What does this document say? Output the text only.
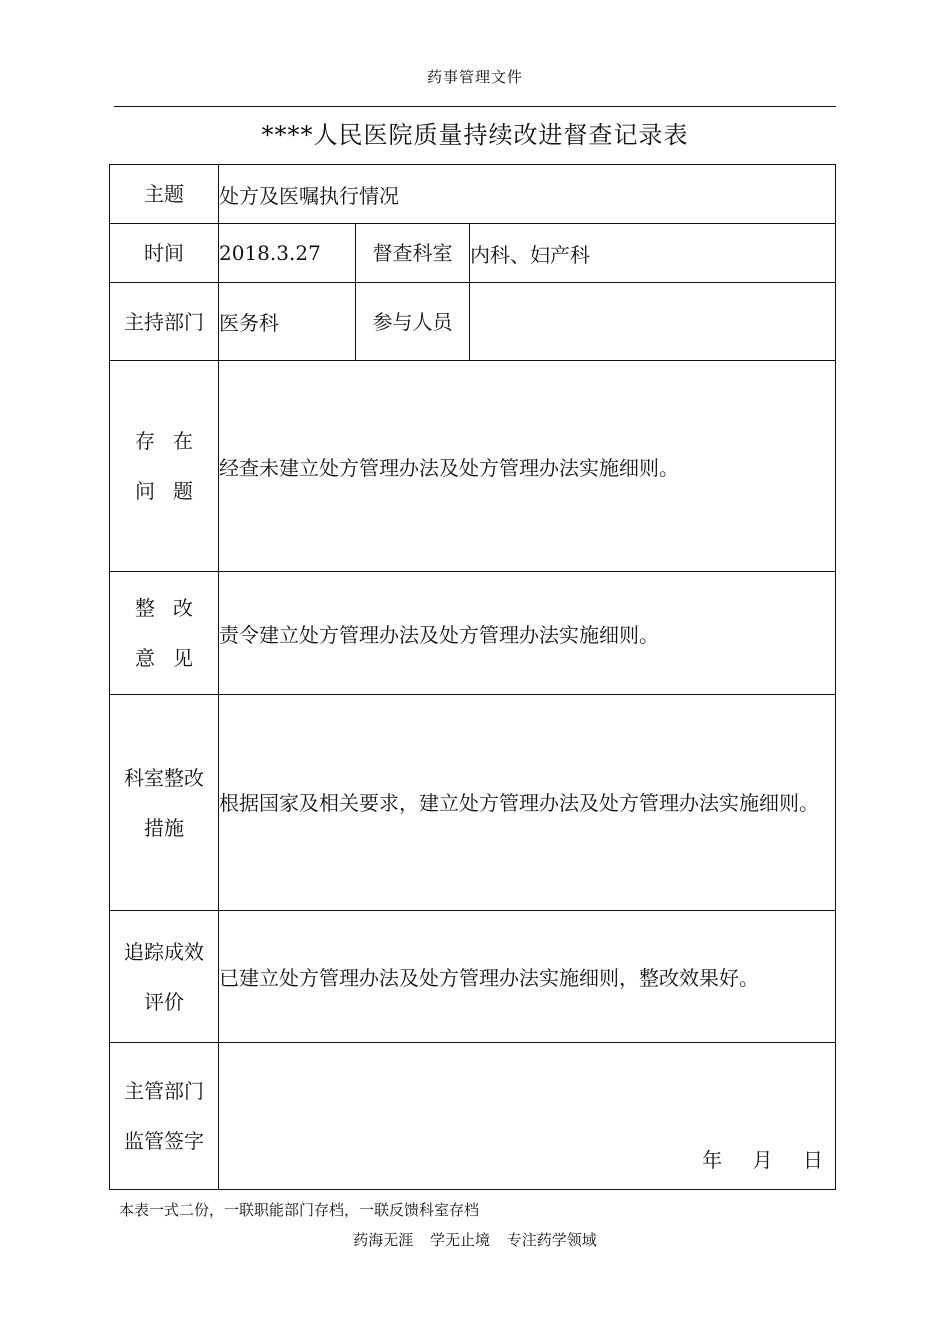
药事管理文件
****人民医院质量持续改进督查记录表
主题	处方及医嘱执行情况		
时间	2018.3.27	督查科室	内科、妇产科
主持部门	医务科	参与人员	

存在
问题	经查未建立处方管理办法及处方管理办法实施细则。		

整改
意见	责令建立处方管理办法及处方管理办法实施细则。		

科室整改
措施	根据国家及相关要求，建立处方管理办法及处方管理办法实施细则。		

追踪成效
评价	已建立处方管理办法及处方管理办法实施细则，整改效果好。		

主管部门
监管签字	年 月 日		
本表一式二份，一联职能部门存档，一联反馈科室存档
药海无涯 学无止境 专注药学领域
